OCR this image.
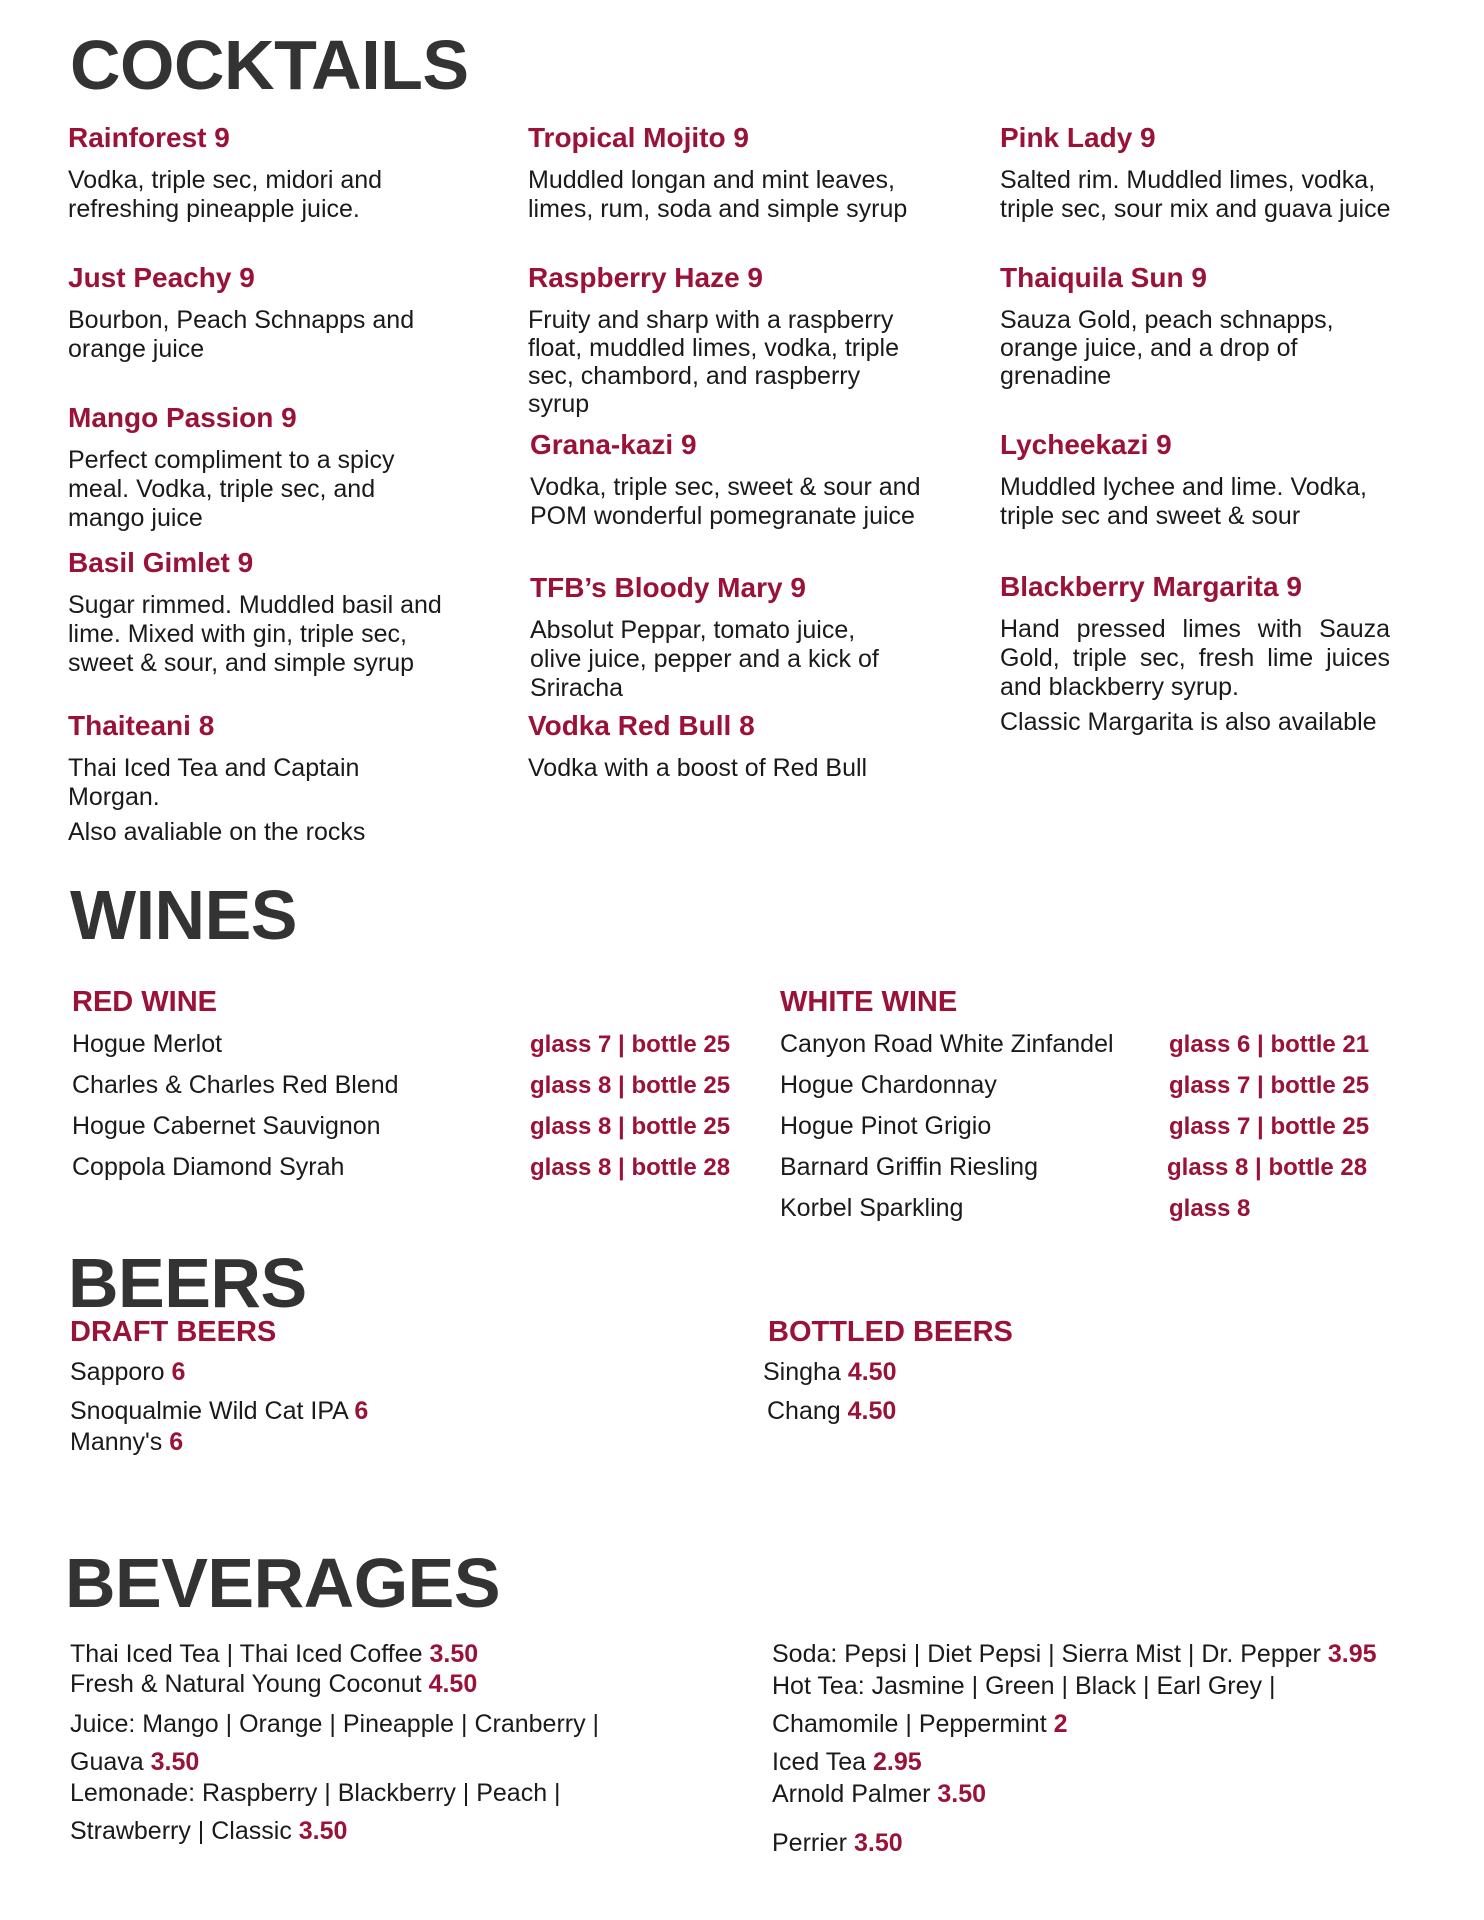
COCKTAILS
Rainforest 9
Vodka, triple sec, midori and refreshing pineapple juice.
Just Peachy 9
Bourbon, Peach Schnapps and orange juice
Mango Passion 9
Perfect compliment to a spicy meal. Vodka, triple sec, and mango juice
Basil Gimlet 9
Sugar rimmed. Muddled basil and lime. Mixed with gin, triple sec, sweet & sour, and simple syrup
Thaiteani 8
Thai Iced Tea and Captain Morgan.
Also avaliable on the rocks
Tropical Mojito 9
Muddled longan and mint leaves, limes, rum, soda and simple syrup
Raspberry Haze 9
Fruity and sharp with a raspberry float, muddled limes, vodka, triple sec, chambord, and raspberry syrup
Grana-kazi 9
Vodka, triple sec, sweet & sour and POM wonderful pomegranate juice
TFB’s Bloody Mary 9
Absolut Peppar, tomato juice, olive juice, pepper and a kick of Sriracha
Vodka Red Bull 8
Vodka with a boost of Red Bull
Pink Lady 9
Salted rim. Muddled limes, vodka, triple sec, sour mix and guava juice
Thaiquila Sun 9
Sauza Gold, peach schnapps, orange juice, and a drop of grenadine
Lycheekazi 9
Muddled lychee and lime. Vodka, triple sec and sweet & sour
Blackberry Margarita 9
Hand pressed limes with Sauza Gold, triple sec, fresh lime juices and blackberry syrup.
Classic Margarita is also available
WINES
RED WINE	WHITE WINE
Hogue Merlot	glass 7 | bottle 25
Charles & Charles Red Blend	glass 8 | bottle 25
Hogue Cabernet Sauvignon	glass 8 | bottle 25
Coppola Diamond Syrah	glass 8 | bottle 28
Canyon Road White Zinfandel glass 6 | bottle 21
Hogue Chardonnay	glass 7 | bottle 25
Hogue Pinot Grigio	glass 7 | bottle 25
Barnard Griffin Riesling	glass 8 | bottle 28
Korbel Sparkling	glass 8
BEERS
DRAFT BEERS	BOTTLED BEERS
Sapporo 6
Snoqualmie Wild Cat IPA 6
Manny's 6
Singha 4.50
Chang 4.50
BEVERAGES
Thai Iced Tea | Thai Iced Coffee 3.50
Fresh & Natural Young Coconut 4.50
Juice: Mango | Orange | Pineapple | Cranberry |
Guava 3.50
Lemonade: Raspberry | Blackberry | Peach |
Strawberry | Classic 3.50
Soda: Pepsi | Diet Pepsi | Sierra Mist | Dr. Pepper 3.95
Hot Tea: Jasmine | Green | Black | Earl Grey |
Chamomile | Peppermint 2
Iced Tea 2.95
Arnold Palmer 3.50
Perrier 3.50
